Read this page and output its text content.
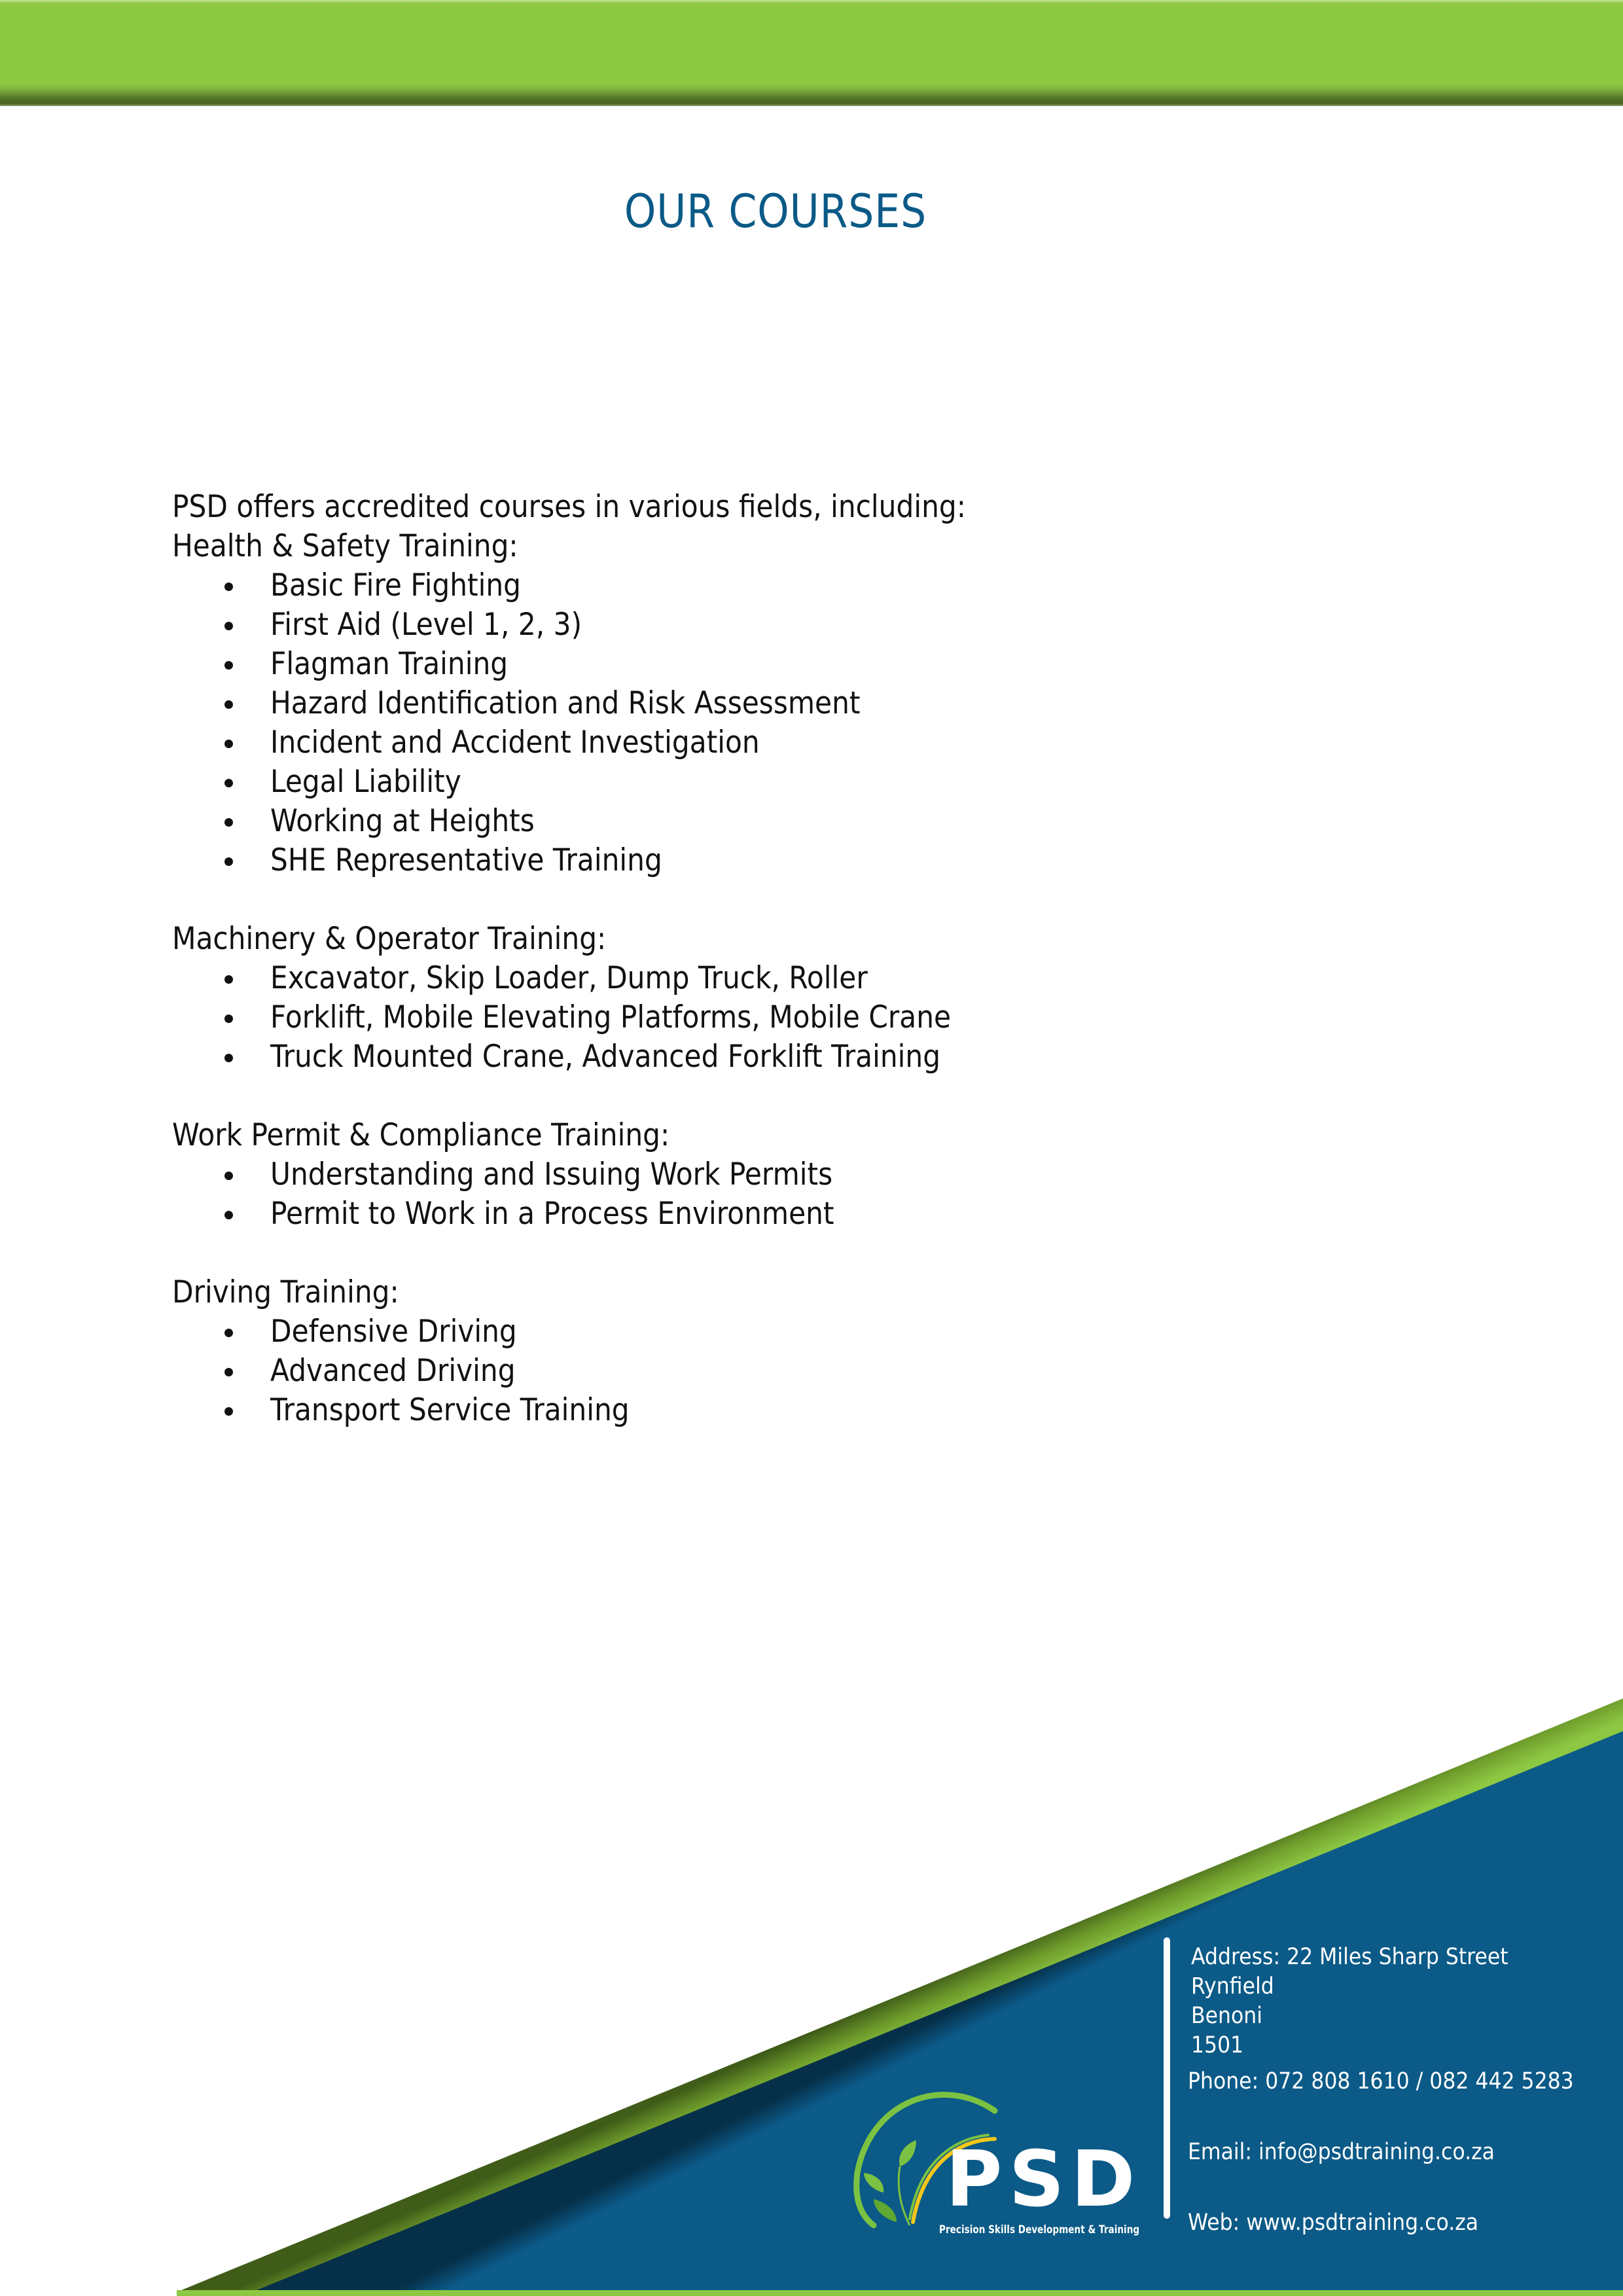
OUR COURSES
PSD offers accredited courses in various fields, including:
Health & Safety Training:
Basic Fire Fighting
First Aid (Level 1, 2, 3)
Flagman Training
Hazard Identification and Risk Assessment
Incident and Accident Investigation
Legal Liability
Working at Heights
SHE Representative Training
Machinery & Operator Training:
Excavator, Skip Loader, Dump Truck, Roller
Forklift, Mobile Elevating Platforms, Mobile Crane
Truck Mounted Crane, Advanced Forklift Training
Work Permit & Compliance Training:
Understanding and Issuing Work Permits
Permit to Work in a Process Environment
Driving Training:
Defensive Driving
Advanced Driving
Transport Service Training
PSD
Precision Skills Development & Training
Address: 22 Miles Sharp Street
Rynfield
Benoni
1501
Phone: 072 808 1610 / 082 442 5283
Email: info@psdtraining.co.za
Web: www.psdtraining.co.za
